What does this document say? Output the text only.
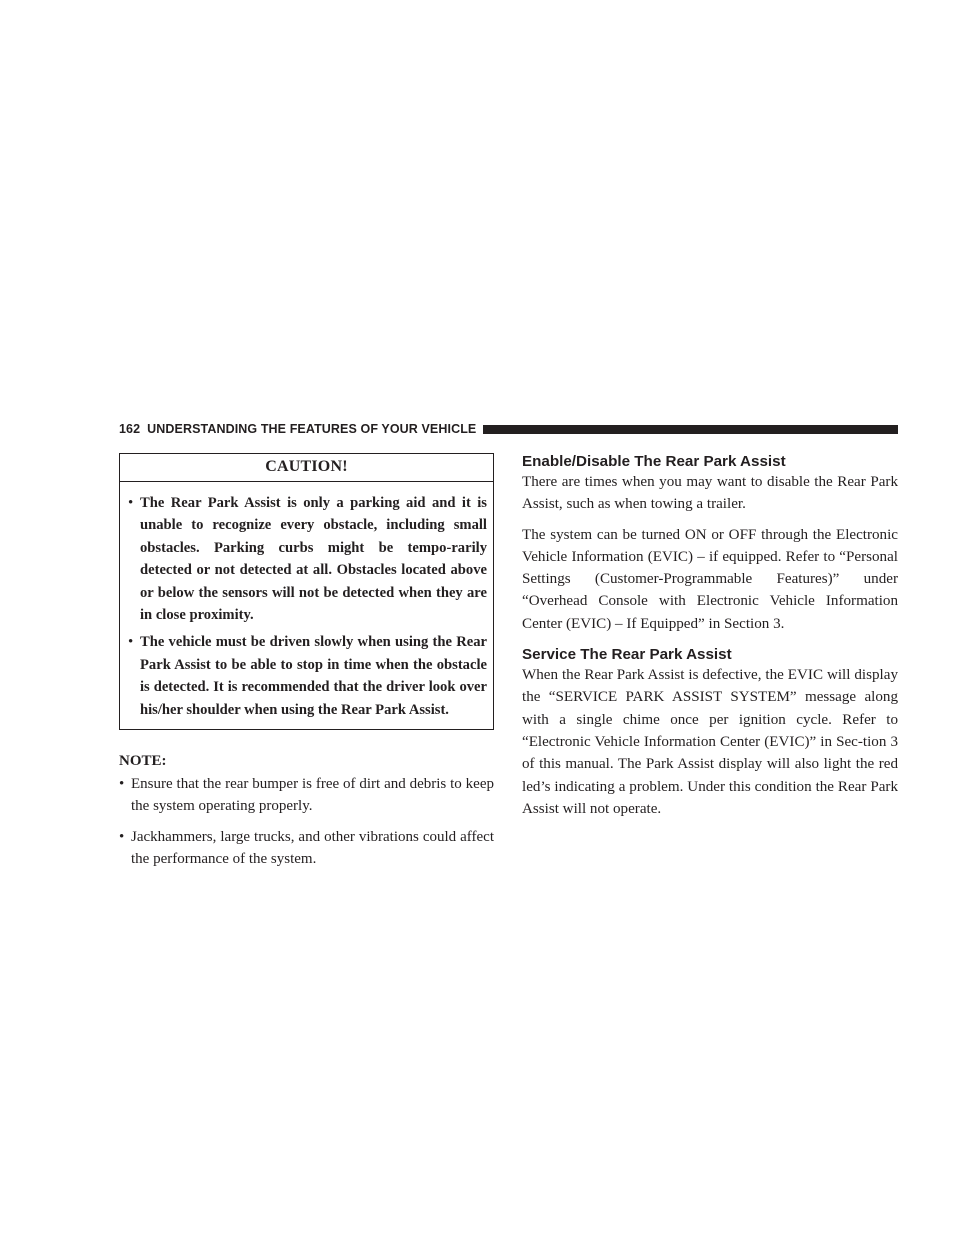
162 UNDERSTANDING THE FEATURES OF YOUR VEHICLE
CAUTION!
• The Rear Park Assist is only a parking aid and it is unable to recognize every obstacle, including small obstacles. Parking curbs might be tempo-rarily detected or not detected at all. Obstacles located above or below the sensors will not be detected when they are in close proximity.
• The vehicle must be driven slowly when using the Rear Park Assist to be able to stop in time when the obstacle is detected. It is recommended that the driver look over his/her shoulder when using the Rear Park Assist.
NOTE:
• Ensure that the rear bumper is free of dirt and debris to keep the system operating properly.
• Jackhammers, large trucks, and other vibrations could affect the performance of the system.
Enable/Disable The Rear Park Assist

There are times when you may want to disable the Rear Park Assist, such as when towing a trailer.

The system can be turned ON or OFF through the Electronic Vehicle Information (EVIC) – if equipped. Refer to “Personal Settings (Customer-Programmable Features)” under “Overhead Console with Electronic Vehicle Information Center (EVIC) – If Equipped” in Section 3.

Service The Rear Park Assist

When the Rear Park Assist is defective, the EVIC will display the “SERVICE PARK ASSIST SYSTEM” message along with a single chime once per ignition cycle. Refer to “Electronic Vehicle Information Center (EVIC)” in Sec-tion 3 of this manual. The Park Assist display will also light the red led’s indicating a problem. Under this condition the Rear Park Assist will not operate.
